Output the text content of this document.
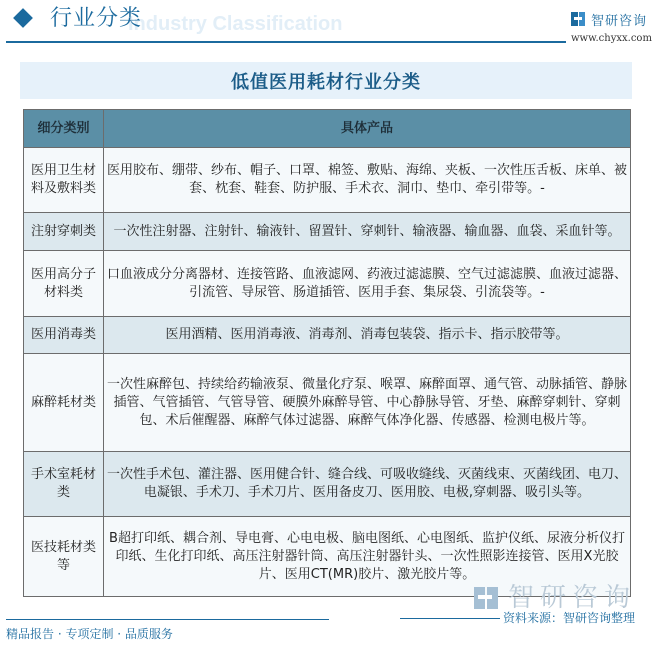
Industry Classification
行业分类	智研咨询
www.chyxx.com
低值医用耗材行业分类
细分类别	具体产品
医用卫生材料及敷料类	医用胶布、绷带、纱布、帽子、口罩、棉签、敷贴、海绵、夹板、一次性压舌板、床单、被套、枕套、鞋套、防护服、手术衣、洞巾、垫巾、牵引带等。-
注射穿刺类	一次性注射器、注射针、输液针、留置针、穿刺针、输液器、输血器、血袋、采血针等。
医用高分子材料类	口血液成分分离器材、连接管路、血液滤网、药液过滤滤膜、空气过滤滤膜、血液过滤器、引流管、导尿管、肠道插管、医用手套、集尿袋、引流袋等。-
医用消毒类	医用酒精、医用消毒液、消毒剂、消毒包装袋、指示卡、指示胶带等。
麻醉耗材类	一次性麻醉包、持续给药输液泵、微量化疗泵、喉罩、麻醉面罩、通气管、动脉插管、静脉插管、气管插管、气管导管、硬膜外麻醉导管、中心静脉导管、牙垫、麻醉穿刺针、穿刺包、术后催醒器、麻醉气体过滤器、麻醉气体净化器、传感器、检测电极片等。
手术室耗材类	一次性手术包、灌注器、医用健合针、缝合线、可吸收缝线、灭菌线束、灭菌线团、电刀、电凝银、手术刀、手术刀片、医用备皮刀、医用胶、电极,穿刺器、吸引头等。
医技耗材类等	B超打印纸、耦合剂、导电膏、心电电极、脑电图纸、心电图纸、监护仪纸、尿液分析仪打印纸、生化打印纸、高压注射器针筒、高压注射器针头、一次性照影连接管、医用X光胶片、医用CT(MR)胶片、激光胶片等。
智研咨询
精品报告 · 专项定制 · 品质服务
资料来源：智研咨询整理
